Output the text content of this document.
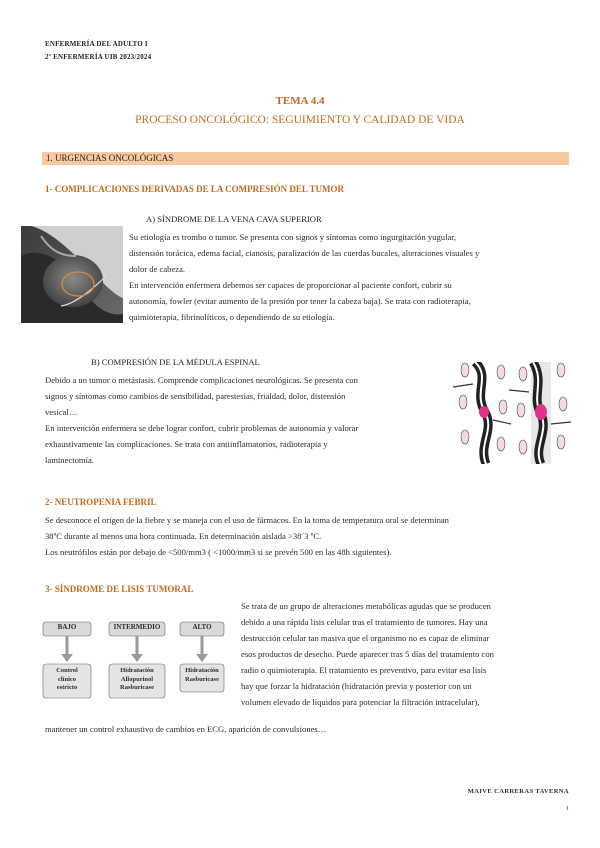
ENFERMERÍA DEL ADULTO I
2º ENFERMERÍA UIB 2023/2024
TEMA 4.4
PROCESO ONCOLÓGICO: SEGUIMIENTO Y CALIDAD DE VIDA
1. URGENCIAS ONCOLÓGICAS
1- COMPLICACIONES DERIVADAS DE LA COMPRESIÓN DEL TUMOR
A) SÍNDROME DE LA VENA CAVA SUPERIOR
Su etiología es trombo o tumor. Se presenta con signos y síntomas como ingurgitación yugular,
distensión torácica, edema facial, cianosis, paralización de las cuerdas bucales, alteraciones visuales y
dolor de cabeza.
En intervención enfermera debemos ser capaces de proporcionar al paciente confort, cubrir su
autonomía, fowler (evitar aumento de la presión por tener la cabeza baja). Se trata con radioterapia,
quimioterapia, fibrinolíticos, o dependiendo de su etiología.
B) COMPRESIÓN DE LA MÉDULA ESPINAL
Debido a un tumor o metástasis. Comprende complicaciones neurológicas. Se presenta con
signos y síntomas como cambios de sensibilidad, parestesias, frialdad, dolor, distensión
vesical…
En intervención enfermera se debe lograr confort, cubrir problemas de autonomía y valorar
exhaustivamente las complicaciones. Se trata con antiinflamatorios, radioterapia y
laminectomía.
2- NEUTROPENIA FEBRIL
Se desconoce el origen de la fiebre y se maneja con el uso de fármacos. En la toma de temperatura oral se determinan
38ºC durante al menos una hora continuada. En determinación aislada >38´3 ºC.
Los neutrófilos están por debajo de <500/mm3 ( <1000/mm3 si se prevén 500 en las 48h siguientes).
3- SÍNDROME DE LISIS TUMORAL
BAJO	INTERMEDIO	ALTO
Control
clínico
estricto
Hidratación
Allopurinol
Rasburicase
Hidratación
Rasburicase
Se trata de un grupo de alteraciones metabólicas agudas que se producen
debido a una rápida lisis celular tras el tratamiento de tumores. Hay una
destrucción celular tan masiva que el organismo no es capaz de eliminar
esos productos de desecho. Puede aparecer tras 5 días del tratamiento con
radio o quimioterapia. El tratamiento es preventivo, para evitar esa lisis
hay que forzar la hidratación (hidratación previa y posterior con un
volumen elevado de líquidos para potenciar la filtración intracelular),
mantener un control exhaustivo de cambios en ECG, aparición de convulsiones…
MAIVE CARRERAS TAVERNA
1
